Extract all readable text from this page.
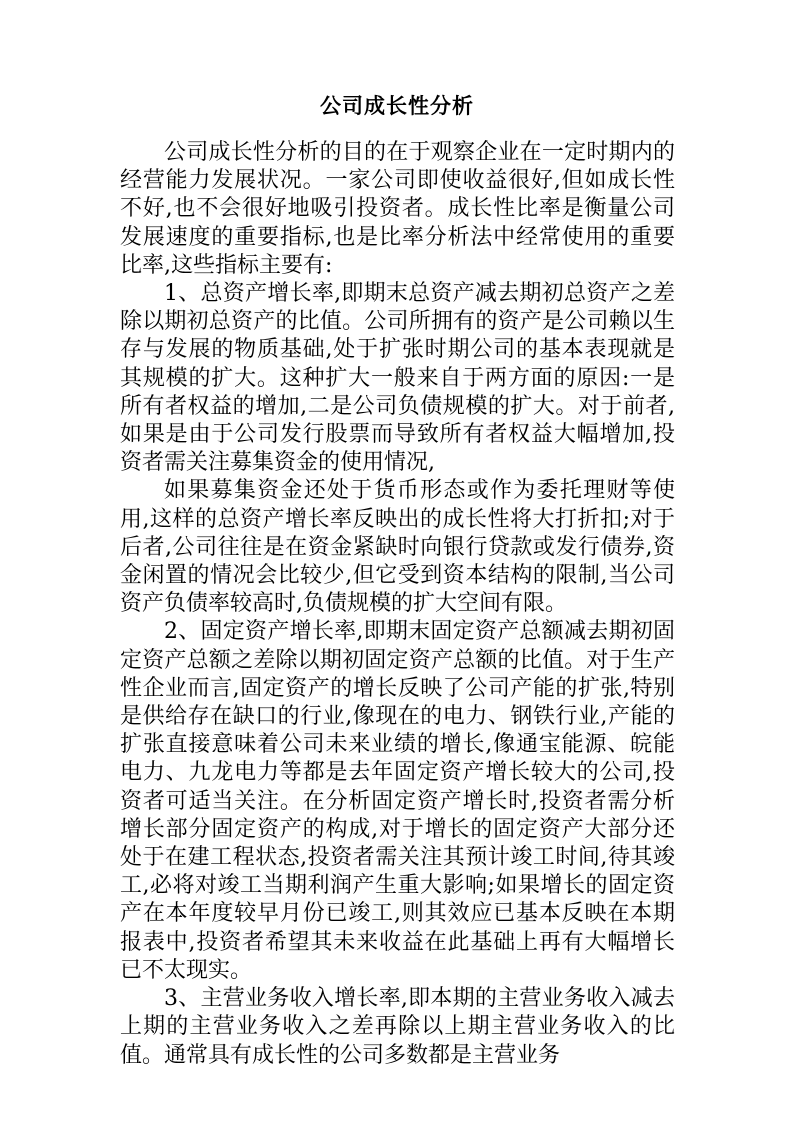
公司成长性分析

公司成长性分析的目的在于观察企业在一定时期内的经营能力发展状况。一家公司即使收益很好,但如成长性不好,也不会很好地吸引投资者。成长性比率是衡量公司发展速度的重要指标,也是比率分析法中经常使用的重要比率,这些指标主要有:

1、总资产增长率,即期末总资产减去期初总资产之差除以期初总资产的比值。公司所拥有的资产是公司赖以生存与发展的物质基础,处于扩张时期公司的基本表现就是其规模的扩大。这种扩大一般来自于两方面的原因:一是所有者权益的增加,二是公司负债规模的扩大。对于前者,如果是由于公司发行股票而导致所有者权益大幅增加,投资者需关注募集资金的使用情况,

如果募集资金还处于货币形态或作为委托理财等使用,这样的总资产增长率反映出的成长性将大打折扣;对于后者,公司往往是在资金紧缺时向银行贷款或发行债券,资金闲置的情况会比较少,但它受到资本结构的限制,当公司资产负债率较高时,负债规模的扩大空间有限。

2、固定资产增长率,即期末固定资产总额减去期初固定资产总额之差除以期初固定资产总额的比值。对于生产性企业而言,固定资产的增长反映了公司产能的扩张,特别是供给存在缺口的行业,像现在的电力、钢铁行业,产能的扩张直接意味着公司未来业绩的增长,像通宝能源、皖能电力、九龙电力等都是去年固定资产增长较大的公司,投资者可适当关注。在分析固定资产增长时,投资者需分析增长部分固定资产的构成,对于增长的固定资产大部分还处于在建工程状态,投资者需关注其预计竣工时间,待其竣工,必将对竣工当期利润产生重大影响;如果增长的固定资产在本年度较早月份已竣工,则其效应已基本反映在本期报表中,投资者希望其未来收益在此基础上再有大幅增长已不太现实。

3、主营业务收入增长率,即本期的主营业务收入减去上期的主营业务收入之差再除以上期主营业务收入的比值。通常具有成长性的公司多数都是主营业务
